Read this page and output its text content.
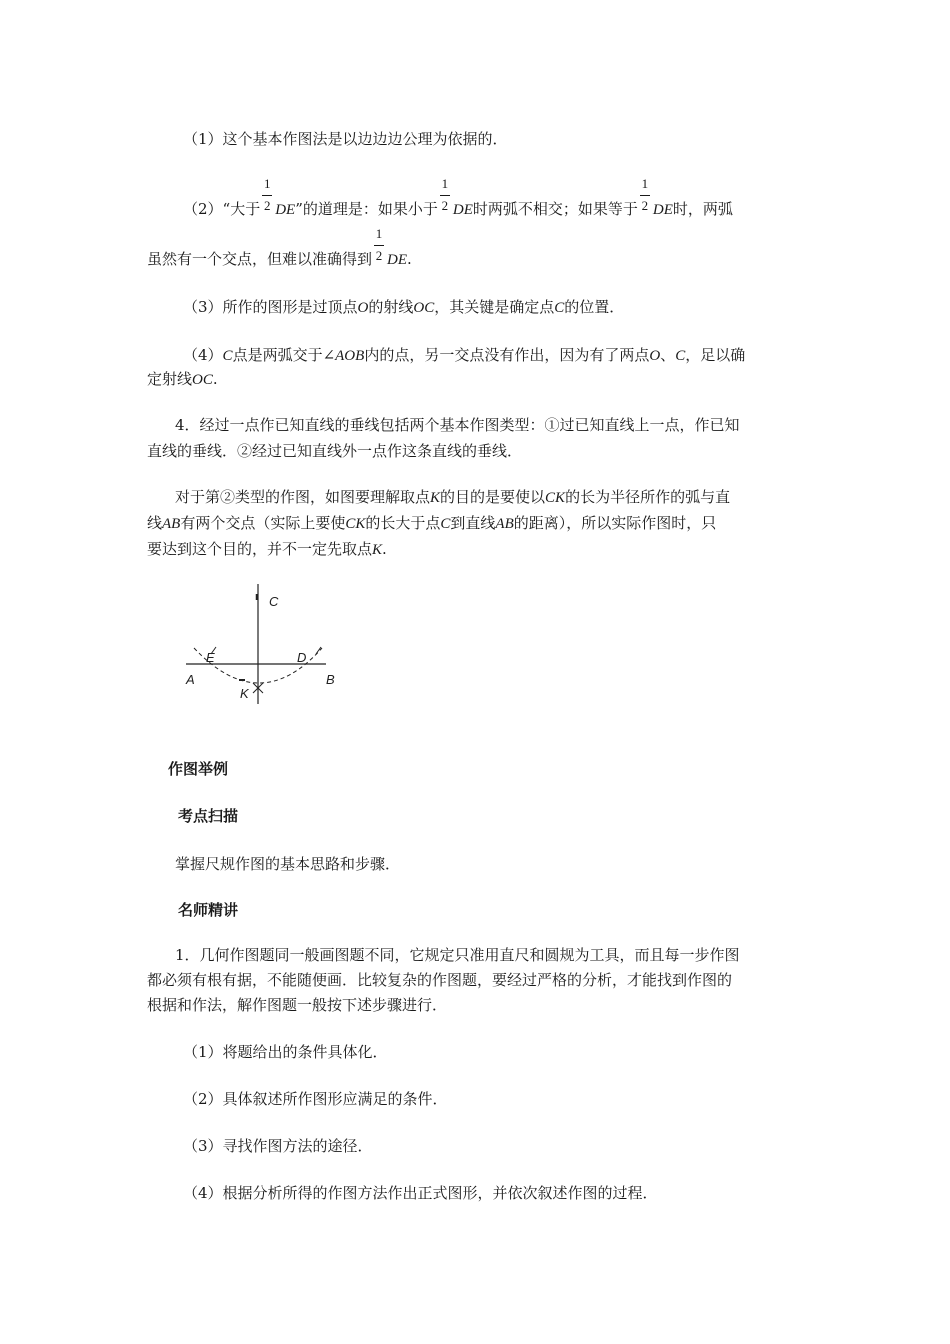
（1）这个基本作图法是以边边边公理为依据的．
（2）“大于 $\frac{1}{2}$ DE”的道理是：如果小于 $\frac{1}{2}$ DE时两弧不相交；如果等于 $\frac{1}{2}$ DE时，两弧
虽然有一个交点，但难以准确得到 $\frac{1}{2}$ DE.
（3）所作的图形是过顶点O的射线OC，其关键是确定点C的位置．
（4）C点是两弧交于∠AOB内的点，另一交点没有作出，因为有了两点O、C，足以确
定射线OC.
4．经过一点作已知直线的垂线包括两个基本作图类型：①过已知直线上一点，作已知
直线的垂线．②经过已知直线外一点作这条直线的垂线．
对于第②类型的作图，如图要理解取点K的目的是要使以CK的长为半径所作的弧与直
线AB有两个交点（实际上要使CK的长大于点C到直线AB的距离），所以实际作图时，只
要达到这个目的，并不一定先取点K.
C
E	D
A	B
K
作图举例
考点扫描
掌握尺规作图的基本思路和步骤．
名师精讲
1．几何作图题同一般画图题不同，它规定只准用直尺和圆规为工具，而且每一步作图
都必须有根有据，不能随便画．比较复杂的作图题，要经过严格的分析，才能找到作图的
根据和作法，解作图题一般按下述步骤进行．
（1）将题给出的条件具体化．
（2）具体叙述所作图形应满足的条件．
（3）寻找作图方法的途径．
（4）根据分析所得的作图方法作出正式图形，并依次叙述作图的过程．
